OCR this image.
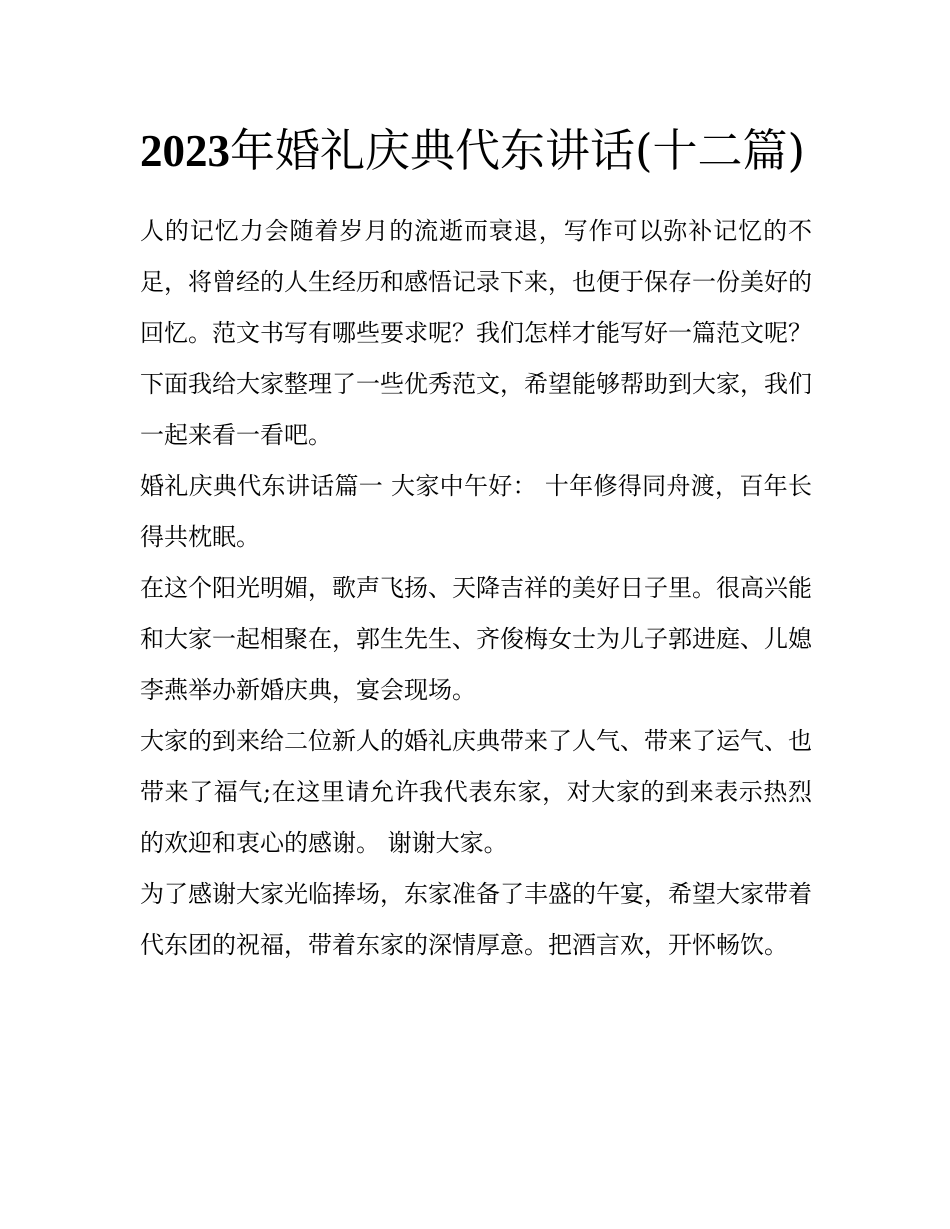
2023年婚礼庆典代东讲话(十二篇)

人的记忆力会随着岁月的流逝而衰退，写作可以弥补记忆的不足，将曾经的人生经历和感悟记录下来，也便于保存一份美好的回忆。范文书写有哪些要求呢？我们怎样才能写好一篇范文呢？下面我给大家整理了一些优秀范文，希望能够帮助到大家，我们一起来看一看吧。

婚礼庆典代东讲话篇一 大家中午好： 十年修得同舟渡，百年长得共枕眠。

在这个阳光明媚，歌声飞扬、天降吉祥的美好日子里。很高兴能和大家一起相聚在，郭生先生、齐俊梅女士为儿子郭进庭、儿媳李燕举办新婚庆典，宴会现场。

大家的到来给二位新人的婚礼庆典带来了人气、带来了运气、也带来了福气;在这里请允许我代表东家，对大家的到来表示热烈的欢迎和衷心的感谢。 谢谢大家。

为了感谢大家光临捧场，东家准备了丰盛的午宴，希望大家带着代东团的祝福，带着东家的深情厚意。把酒言欢，开怀畅饮。
